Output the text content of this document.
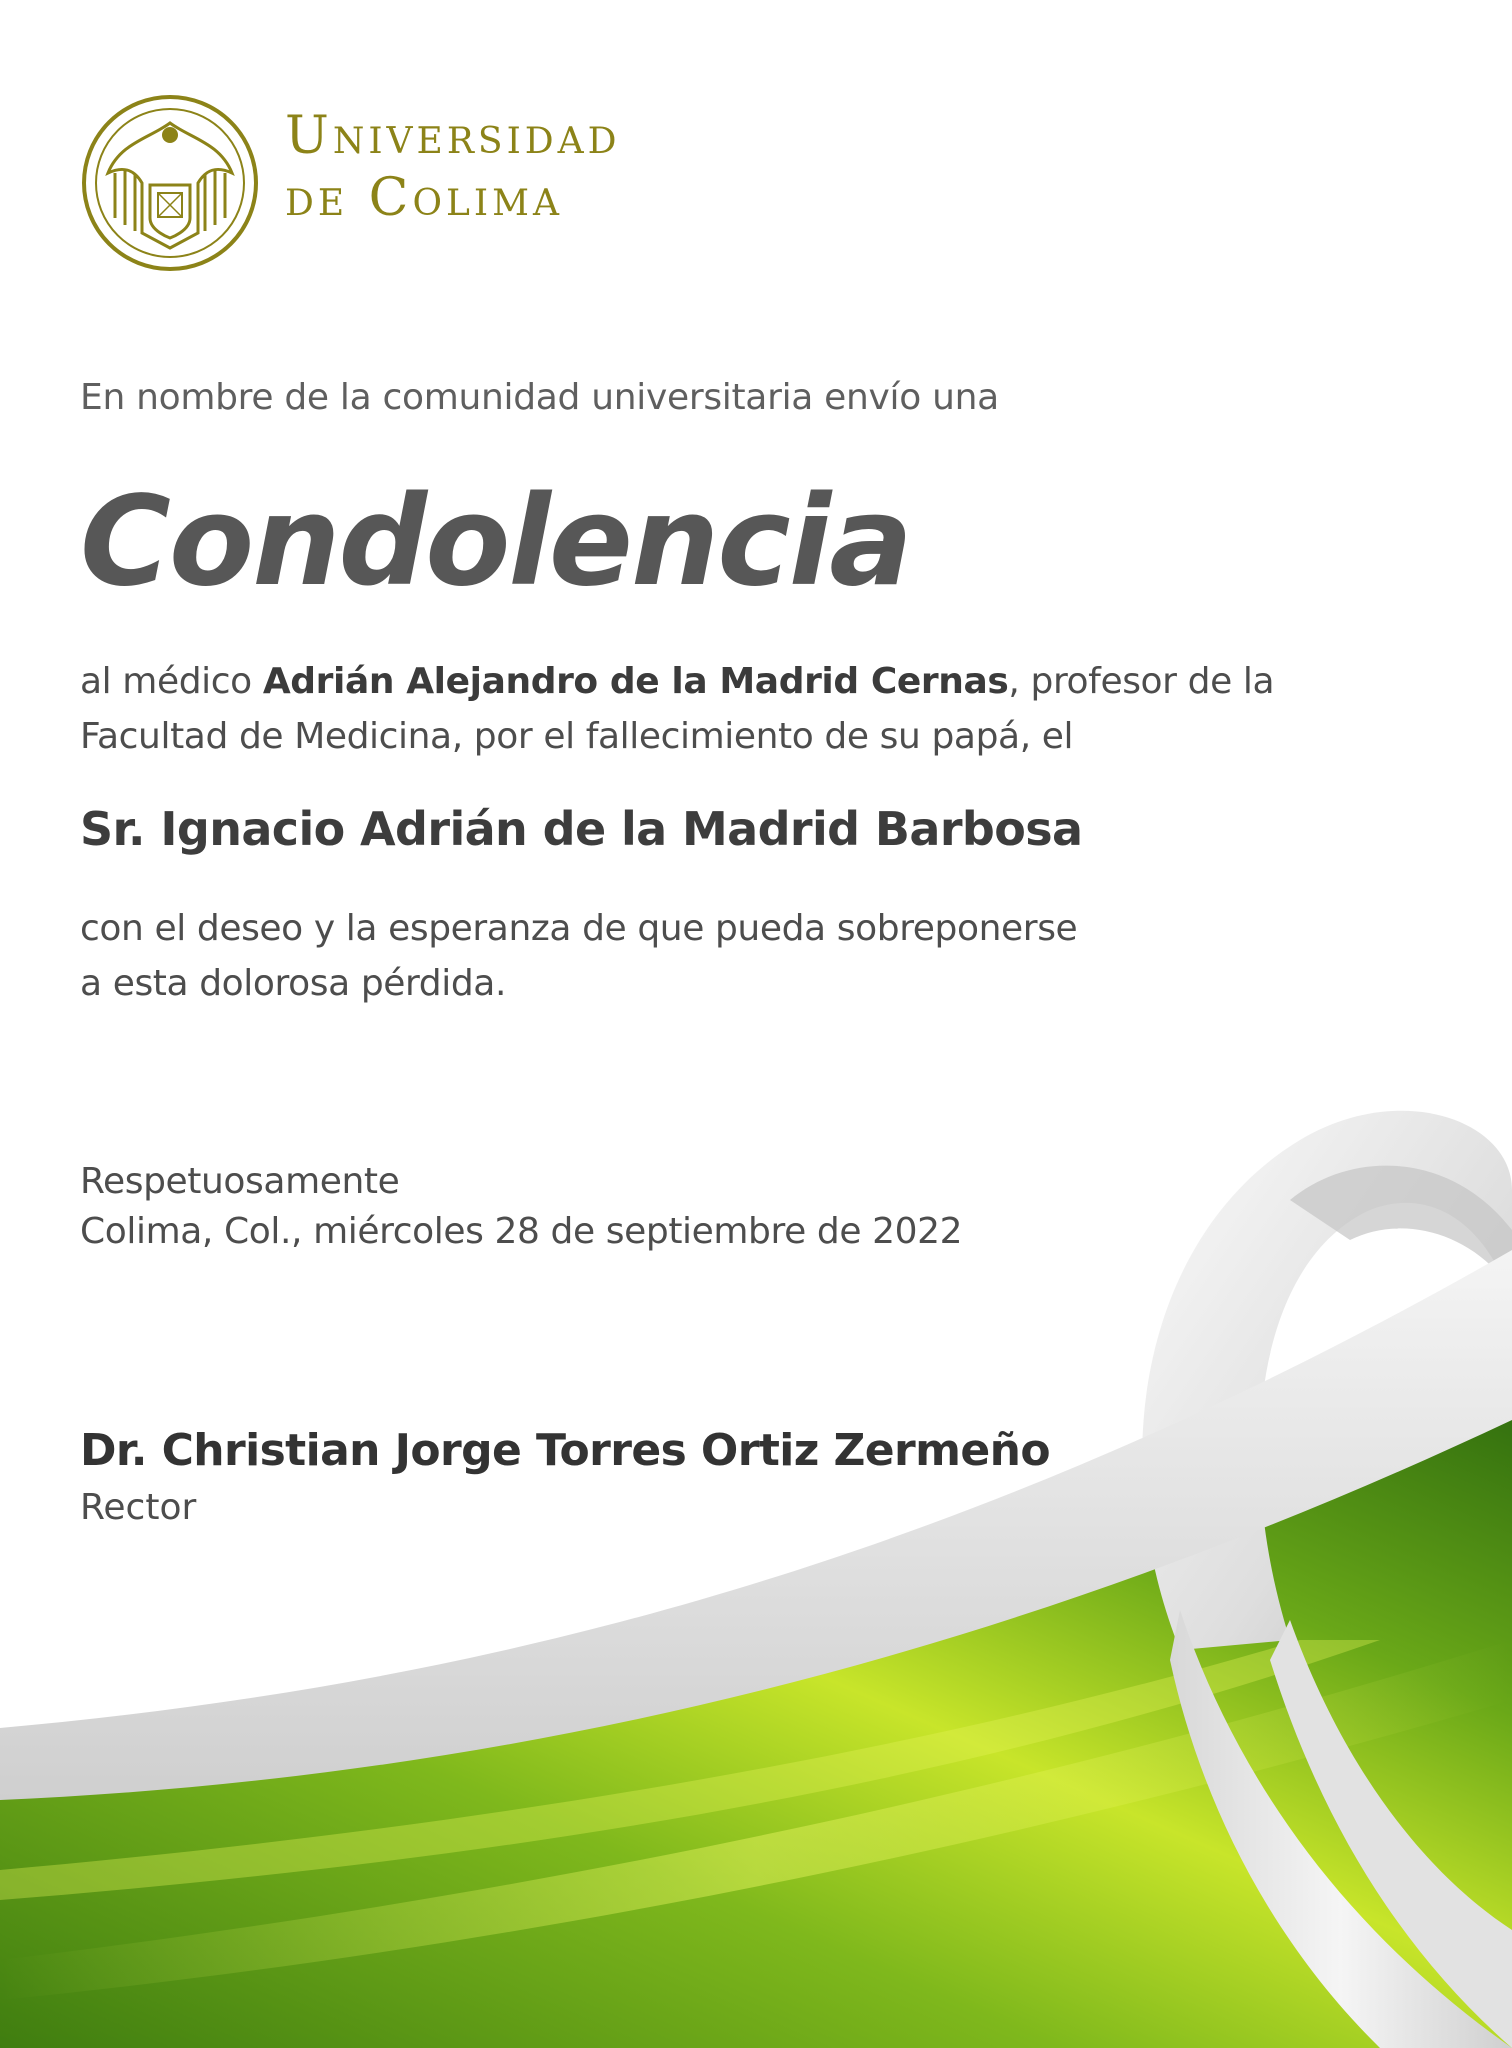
Universidad
de Colima
En nombre de la comunidad universitaria envío una
Condolencia
al médico Adrián Alejandro de la Madrid Cernas, profesor de la
Facultad de Medicina, por el fallecimiento de su papá, el
Sr. Ignacio Adrián de la Madrid Barbosa
con el deseo y la esperanza de que pueda sobreponerse
a esta dolorosa pérdida.
Respetuosamente
Colima, Col., miércoles 28 de septiembre de 2022
Dr. Christian Jorge Torres Ortiz Zermeño
Rector
